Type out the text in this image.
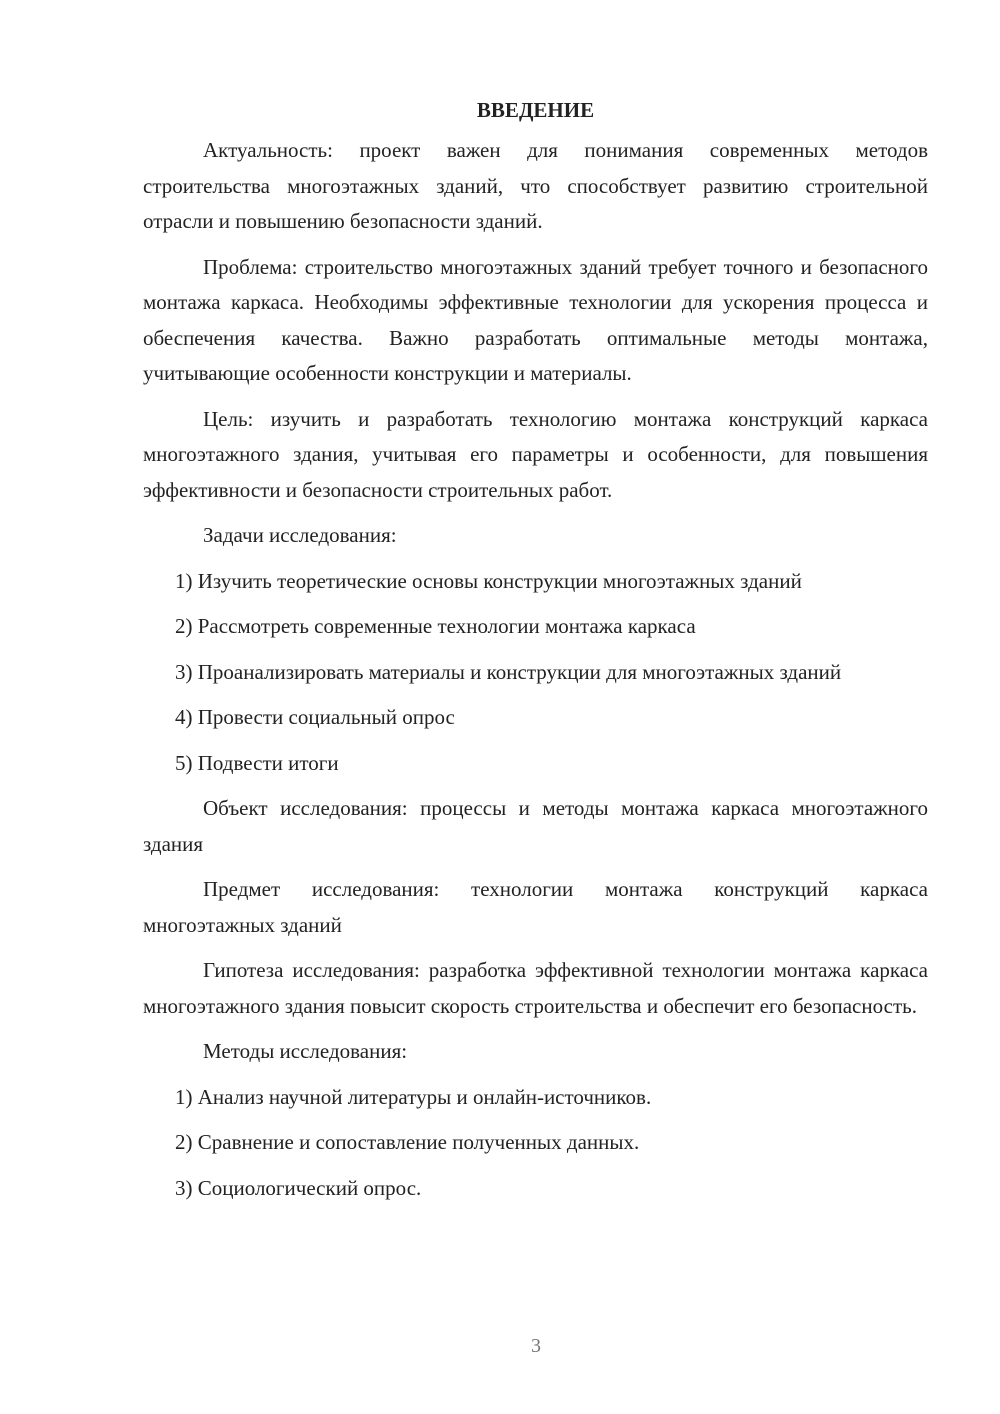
ВВЕДЕНИЕ

Актуальность: проект важен для понимания современных методов строительства многоэтажных зданий, что способствует развитию строительной отрасли и повышению безопасности зданий.

Проблема: строительство многоэтажных зданий требует точного и безопасного монтажа каркаса. Необходимы эффективные технологии для ускорения процесса и обеспечения качества. Важно разработать оптимальные методы монтажа, учитывающие особенности конструкции и материалы.

Цель: изучить и разработать технологию монтажа конструкций каркаса многоэтажного здания, учитывая его параметры и особенности, для повышения эффективности и безопасности строительных работ.

Задачи исследования:

1) Изучить теоретические основы конструкции многоэтажных зданий

2) Рассмотреть современные технологии монтажа каркаса

3) Проанализировать материалы и конструкции для многоэтажных зданий

4) Провести социальный опрос

5) Подвести итоги

Объект исследования: процессы и методы монтажа каркаса многоэтажного здания

Предмет исследования: технологии монтажа конструкций каркаса многоэтажных зданий

Гипотеза исследования: разработка эффективной технологии монтажа каркаса многоэтажного здания повысит скорость строительства и обеспечит его безопасность.

Методы исследования:

1) Анализ научной литературы и онлайн-источников.

2) Сравнение и сопоставление полученных данных.

3) Социологический опрос.

3
